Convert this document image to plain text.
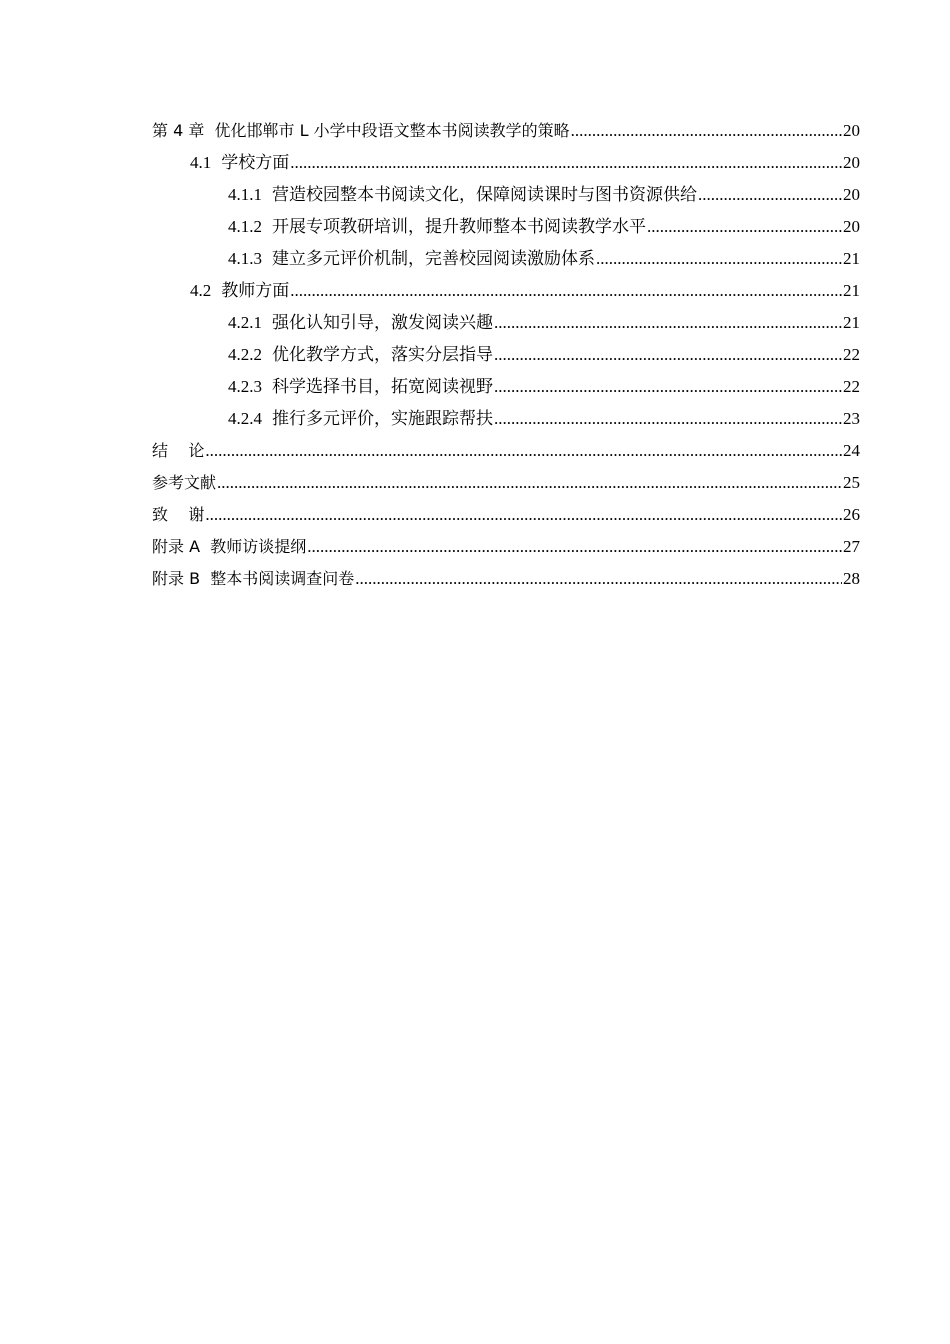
第 4 章  优化邯郸市 L 小学中段语文整本书阅读教学的策略 .....	20
4.1 学校方面 .....	20
4.1.1 营造校园整本书阅读文化，保障阅读课时与图书资源供给 .....	20
4.1.2 开展专项教研培训，提升教师整本书阅读教学水平 .....	20
4.1.3 建立多元评价机制，完善校园阅读激励体系 .....	21
4.2 教师方面 .....	21
4.2.1 强化认知引导，激发阅读兴趣 .....	21
4.2.2 优化教学方式，落实分层指导 .....	22
4.2.3 科学选择书目，拓宽阅读视野 .....	22
4.2.4 推行多元评价，实施跟踪帮扶 .....	23
结    论 .....	24
参考文献 .....	25
致    谢 .....	26
附录 A  教师访谈提纲 .....	27
附录 B  整本书阅读调查问卷 .....	28
